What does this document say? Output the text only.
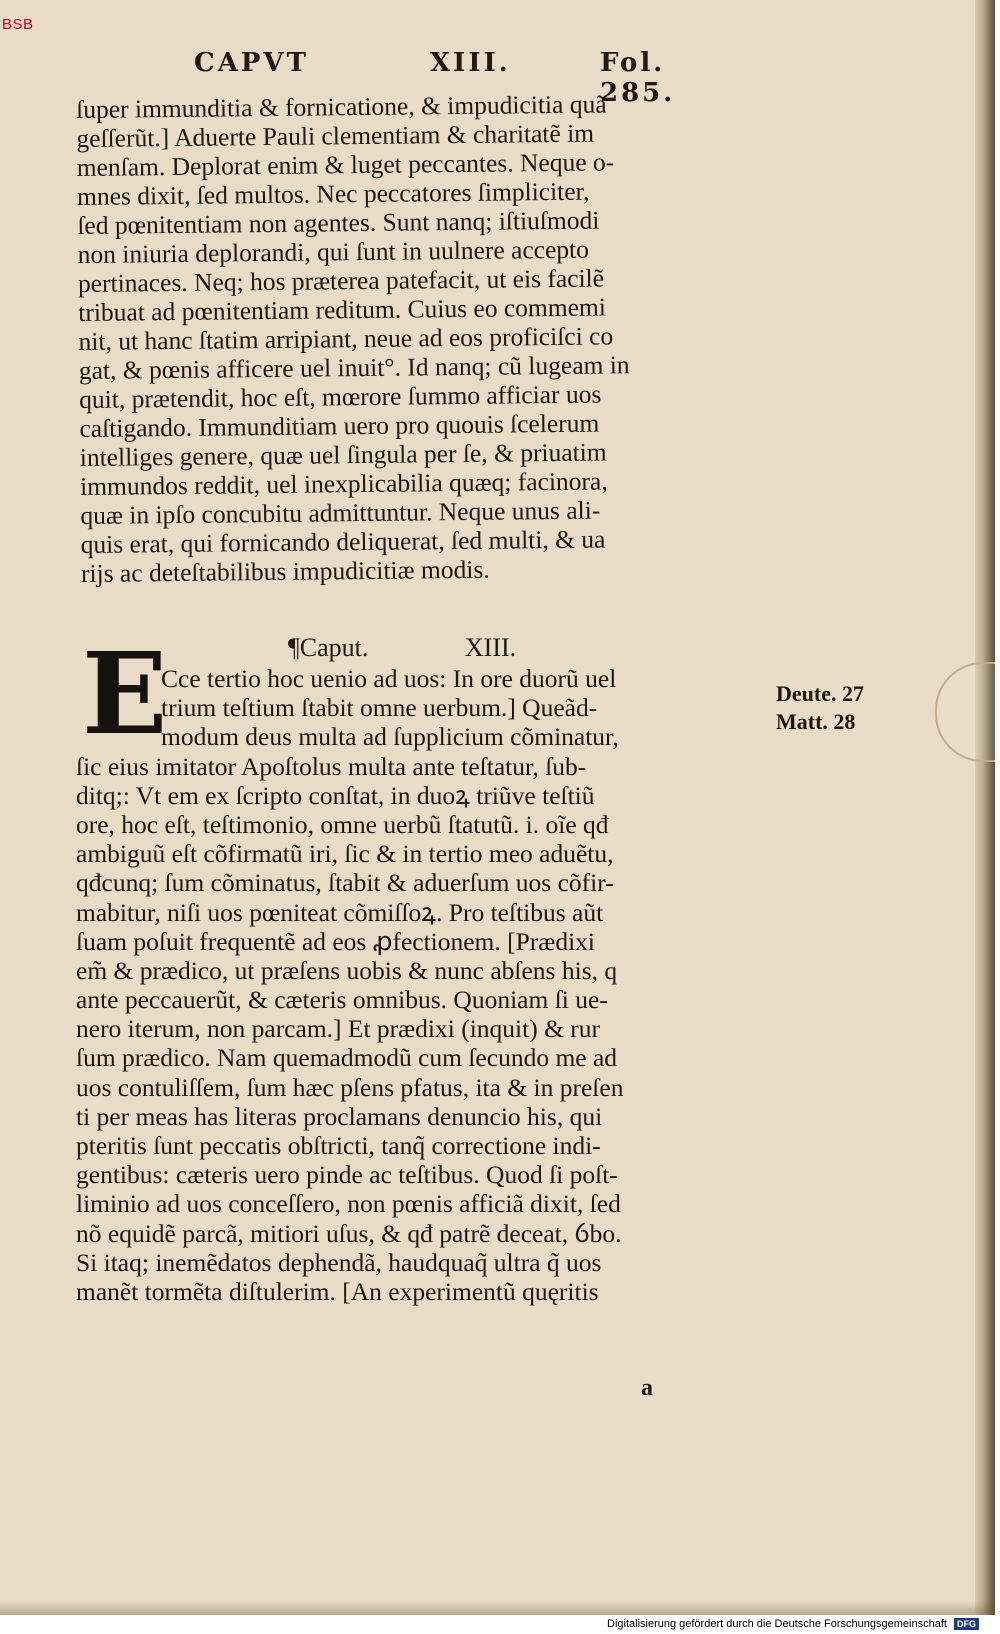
BSB
CAPVT	XIII.	Fol. 285.
ſuper immunditia & fornicatione, & impudicitia quã
geſſerũt.] Aduerte Pauli clementiam & charitatẽ im
menſam. Deplorat enim & luget peccantes. Neque o-
mnes dixit, ſed multos. Nec peccatores ſimpliciter,
ſed pœnitentiam non agentes. Sunt nanq; iſtiuſmodi
non iniuria deplorandi, qui ſunt in uulnere accepto
pertinaces. Neq; hos præterea patefacit, ut eis facilẽ
tribuat ad pœnitentiam reditum. Cuius eo commemi
nit, ut hanc ſtatim arripiant, neue ad eos proficiſci co
gat, & pœnis afficere uel inuit°. Id nanq; cũ lugeam in
quit, prætendit, hoc eſt, mœrore ſummo afficiar uos
caſtigando. Immunditiam uero pro quouis ſcelerum
intelliges genere, quæ uel ſingula per ſe, & priuatim
immundos reddit, uel inexplicabilia quæq; facinora,
quæ in ipſo concubitu admittuntur. Neque unus ali-
quis erat, qui fornicando deliquerat, ſed multi, & ua
rijs ac deteſtabilibus impudicitiæ modis.
¶Caput.	XIII.
E
Cce tertio hoc uenio ad uos: In ore duorũ uel
trium teſtium ſtabit omne uerbum.] Queãd-
modum deus multa ad ſupplicium cõminatur,
ſic eius imitator Apoſtolus multa ante teſtatur, ſub-
ditq;: Vt em ex ſcripto conſtat, in duoꝝ triũve teſtiũ
ore, hoc eſt, teſtimonio, omne uerbũ ſtatutũ. i. oĩe qđ
ambiguũ eſt cõfirmatũ iri, ſic & in tertio meo aduẽtu,
qđcunq; ſum cõminatus, ſtabit & aduerſum uos cõfir-
mabitur, niſi uos pœniteat cõmiſſoꝝ. Pro teſtibus aũt
ſuam poſuit frequentẽ ad eos ꝓfectionem. [Prædixi
em̃ & prædico, ut præſens uobis & nunc abſens his, q
ante peccauerũt, & cæteris omnibus. Quoniam ſi ue-
nero iterum, non parcam.] Et prædixi (inquit) & rur
ſum prædico. Nam quemadmodũ cum ſecundo me ad
uos contuliſſem, ſum hæc pſens pfatus, ita & in preſen
ti per meas has literas proclamans denuncio his, qui
pteritis ſunt peccatis obſtricti, tanq̃ correctione indi-
gentibus: cæteris uero pinde ac teſtibus. Quod ſi poſt-
liminio ad uos conceſſero, non pœnis afficiã dixit, ſed
nõ equidẽ parcã, mitiori uſus, & qđ patrẽ deceat, ỽbo.
Si itaq; inemẽdatos dephendã, haudquaq̃ ultra q̃ uos
manẽt tormẽta diſtulerim. [An experimentũ quęritis
Deute. 27
Matt. 28
a
Digitalisierung gefördert durch die Deutsche Forschungsgemeinschaft DFG
